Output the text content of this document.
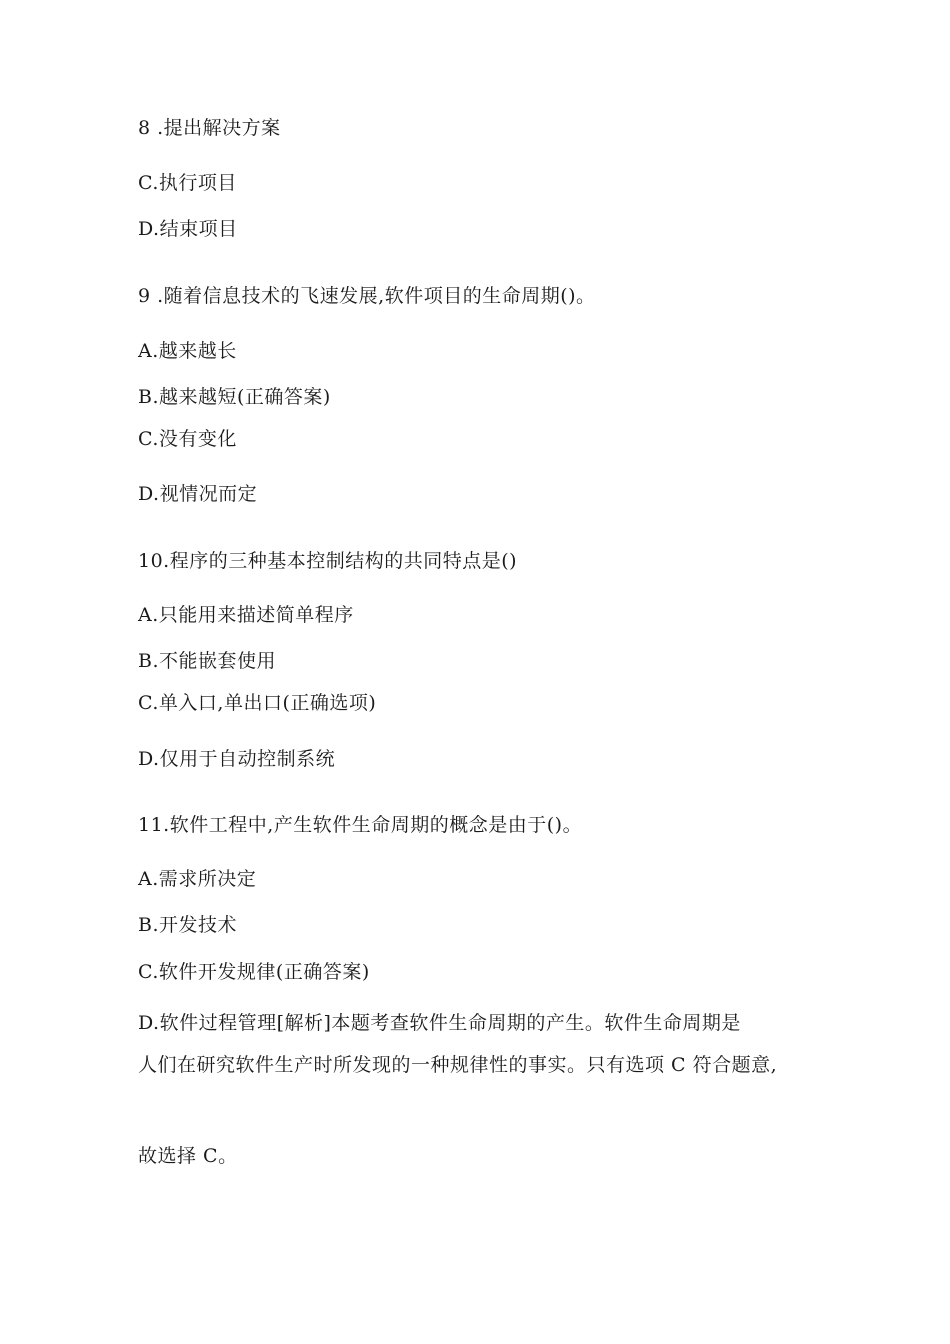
8 .提出解决方案
C.执行项目
D.结束项目
9 .随着信息技术的飞速发展,软件项目的生命周期()。
A.越来越长
B.越来越短(正确答案)
C.没有变化
D.视情况而定
10.程序的三种基本控制结构的共同特点是()
A.只能用来描述简单程序
B.不能嵌套使用
C.单入口,单出口(正确选项)
D.仅用于自动控制系统
11.软件工程中,产生软件生命周期的概念是由于()。
A.需求所决定
B.开发技术
C.软件开发规律(正确答案)
D.软件过程管理[解析]本题考查软件生命周期的产生。软件生命周期是
人们在研究软件生产时所发现的一种规律性的事实。只有选项 C 符合题意,
故选择 C。
